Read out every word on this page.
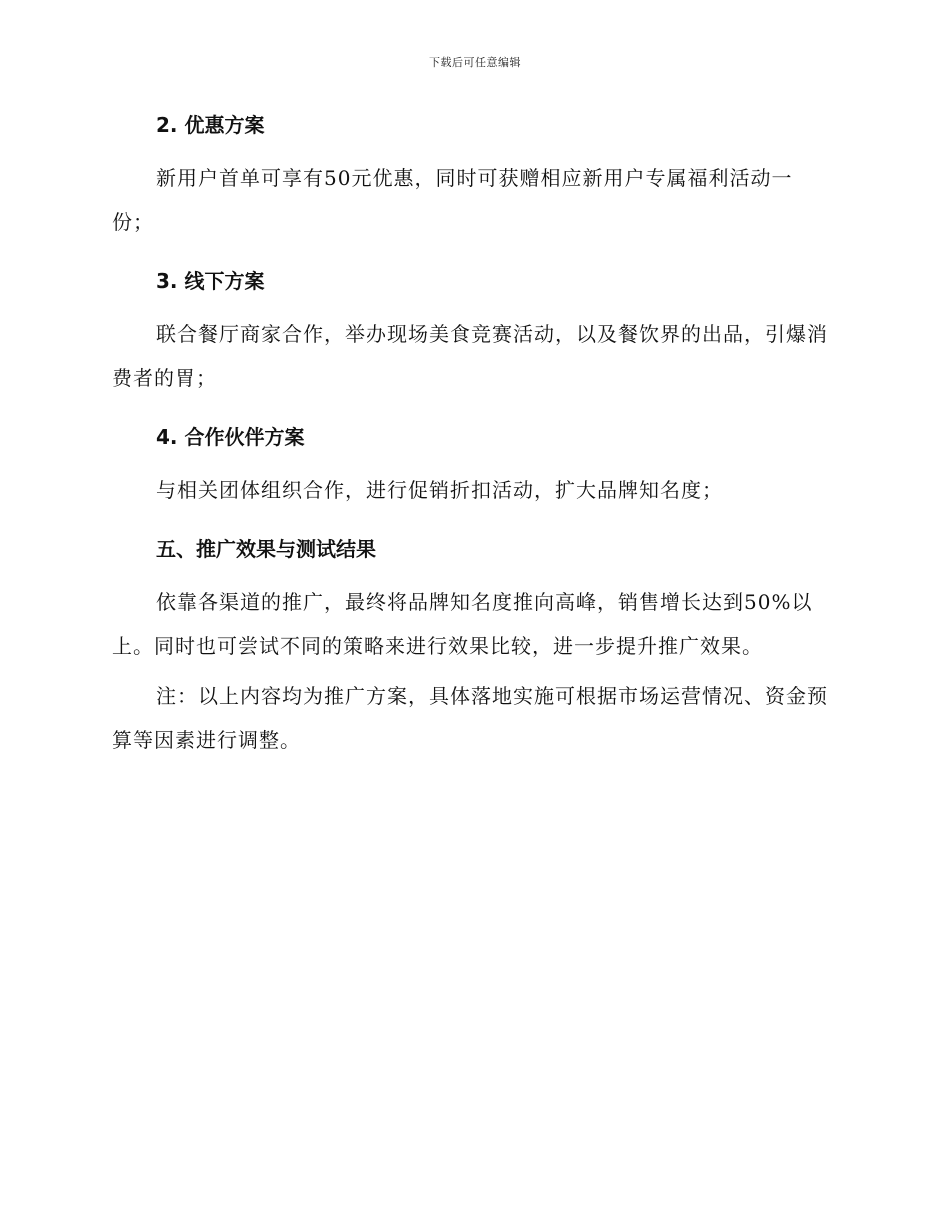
下载后可任意编辑
2. 优惠方案

新用户首单可享有50元优惠，同时可获赠相应新用户专属福利活动一份；

3. 线下方案

联合餐厅商家合作，举办现场美食竞赛活动，以及餐饮界的出品，引爆消费者的胃；

4. 合作伙伴方案

与相关团体组织合作，进行促销折扣活动，扩大品牌知名度；

五、推广效果与测试结果

依靠各渠道的推广，最终将品牌知名度推向高峰，销售增长达到50%以上。同时也可尝试不同的策略来进行效果比较，进一步提升推广效果。

注：以上内容均为推广方案，具体落地实施可根据市场运营情况、资金预算等因素进行调整。
